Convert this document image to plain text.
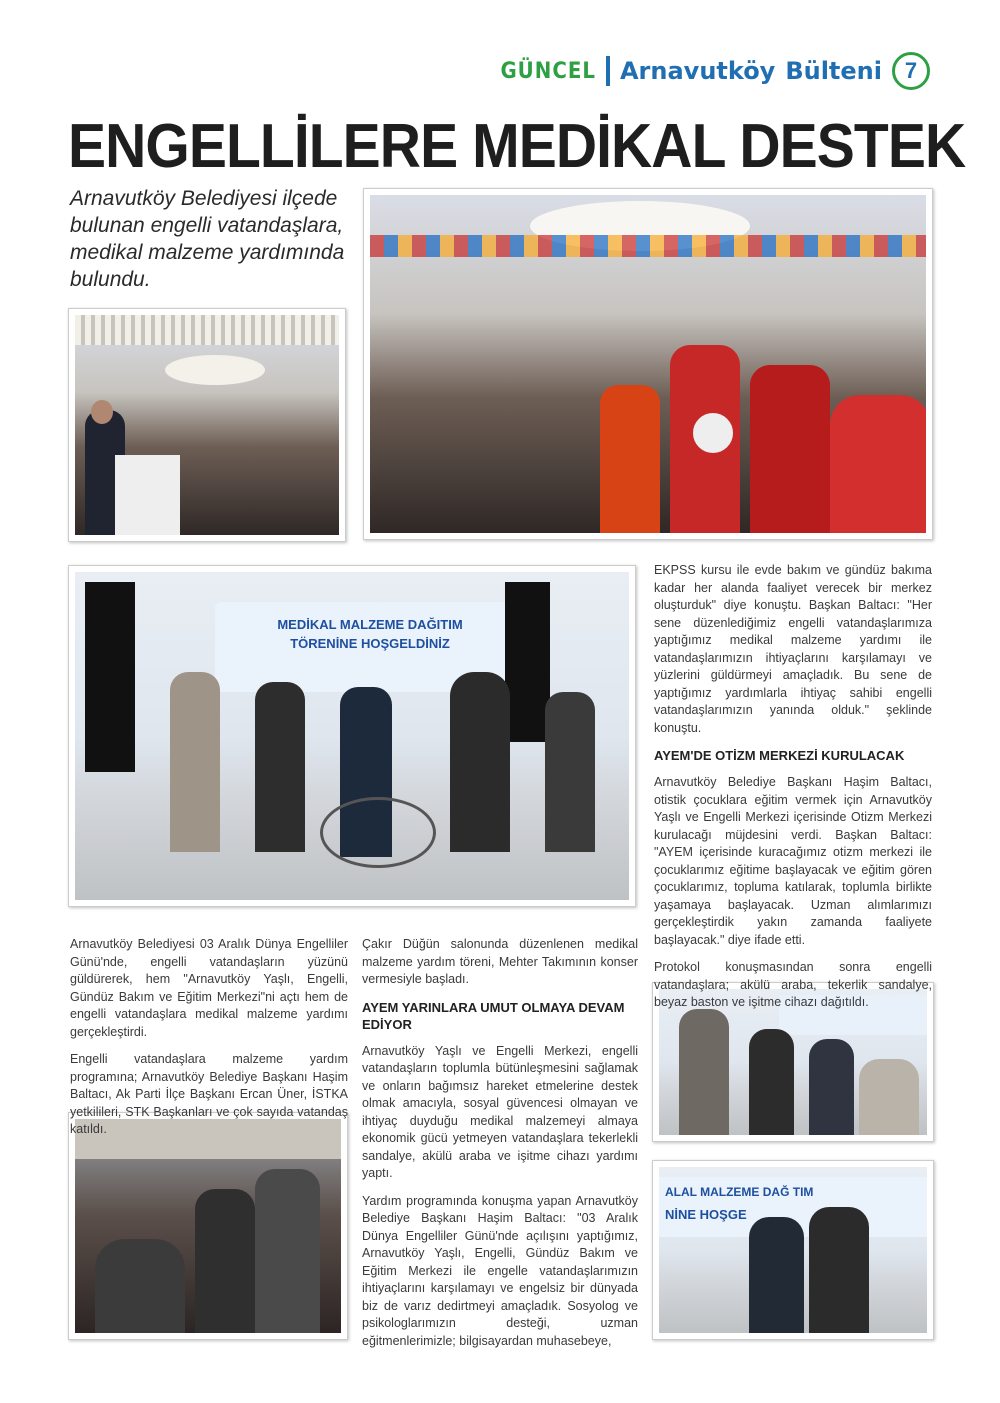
GÜNCEL Arnavutköy Bülteni	7
ENGELLİLERE MEDİKAL DESTEK

Arnavutköy Belediyesi ilçede bulunan engelli vatandaşlara, medikal malzeme yardımında bulundu.

MEDİKAL MALZEME DAĞITIM
TÖRENİNE HOŞGELDİNİZ
ALAL MALZEME DAĞ TIM
NİNE HOŞGE

Arnavutköy Belediyesi 03 Aralık Dünya Engelliler Günü'nde, engelli vatandaşların yüzünü güldürerek, hem "Arnavutköy Yaşlı, Engelli, Gündüz Bakım ve Eğitim Merkezi"ni açtı hem de engelli vatandaşlara medikal malzeme yardımı gerçekleştirdi.

Engelli vatandaşlara malzeme yardım programına; Arnavutköy Belediye Başkanı Haşim Baltacı, Ak Parti İlçe Başkanı Ercan Üner, İSTKA yetkilileri, STK Başkanları ve çok sayıda vatandaş katıldı.

Çakır Düğün salonunda düzenlenen medikal malzeme yardım töreni, Mehter Takımının konser vermesiyle başladı.

AYEM YARINLARA UMUT OLMAYA DEVAM EDİYOR

Arnavutköy Yaşlı ve Engelli Merkezi, engelli vatandaşların toplumla bütünleşmesini sağlamak ve onların bağımsız hareket etmelerine destek olmak amacıyla, sosyal güvencesi olmayan ve ihtiyaç duyduğu medikal malzemeyi almaya ekonomik gücü yetmeyen vatandaşlara tekerlekli sandalye, akülü araba ve işitme cihazı yardımı yaptı.

Yardım programında konuşma yapan Arnavutköy Belediye Başkanı Haşim Baltacı: "03 Aralık Dünya Engelliler Günü'nde açılışını yaptığımız, Arnavutköy Yaşlı, Engelli, Gündüz Bakım ve Eğitim Merkezi ile engelle vatandaşlarımızın ihtiyaçlarını karşılamayı ve engelsiz bir dünyada biz de varız dedirtmeyi amaçladık. Sosyolog ve psikologlarımızın desteği, uzman eğitmenlerimizle; bilgisayardan muhasebeye,

EKPSS kursu ile evde bakım ve gündüz bakıma kadar her alanda faaliyet verecek bir merkez oluşturduk" diye konuştu. Başkan Baltacı: "Her sene düzenlediğimiz engelli vatandaşlarımıza yaptığımız medikal malzeme yardımı ile vatandaşlarımızın ihtiyaçlarını karşılamayı ve yüzlerini güldürmeyi amaçladık. Bu sene de yaptığımız yardımlarla ihtiyaç sahibi engelli vatandaşlarımızın yanında olduk." şeklinde konuştu.

AYEM'DE OTİZM MERKEZİ KURULACAK

Arnavutköy Belediye Başkanı Haşim Baltacı, otistik çocuklara eğitim vermek için Arnavutköy Yaşlı ve Engelli Merkezi içerisinde Otizm Merkezi kurulacağı müjdesini verdi. Başkan Baltacı: "AYEM içerisinde kuracağımız otizm merkezi ile çocuklarımız eğitime başlayacak ve eğitim gören çocuklarımız, topluma katılarak, toplumla birlikte yaşamaya başlayacak. Uzman alımlarımızı gerçekleştirdik yakın zamanda faaliyete başlayacak." diye ifade etti.

Protokol konuşmasından sonra engelli vatandaşlara; akülü araba, tekerlik sandalye, beyaz baston ve işitme cihazı dağıtıldı.
